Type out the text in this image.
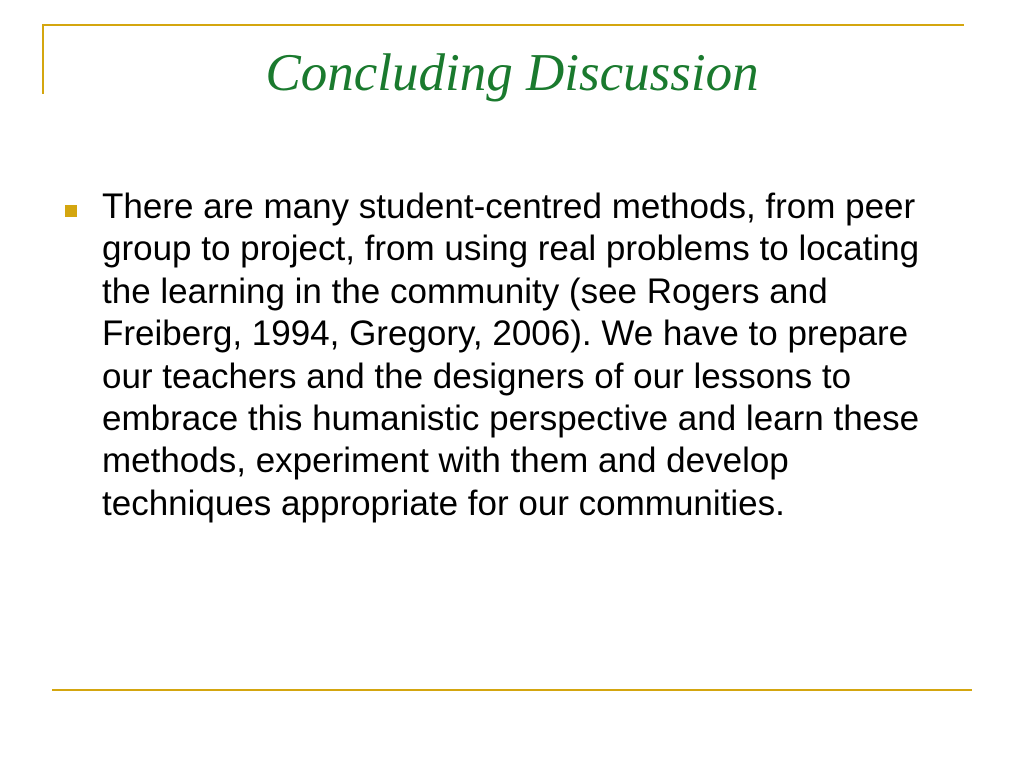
Concluding Discussion
There are many student-centred methods, from peer group to project, from using real problems to locating the learning in the community (see Rogers and Freiberg, 1994, Gregory, 2006). We have to prepare our teachers and the designers of our lessons to embrace this humanistic perspective and learn these methods, experiment with them and develop techniques appropriate for our communities.
